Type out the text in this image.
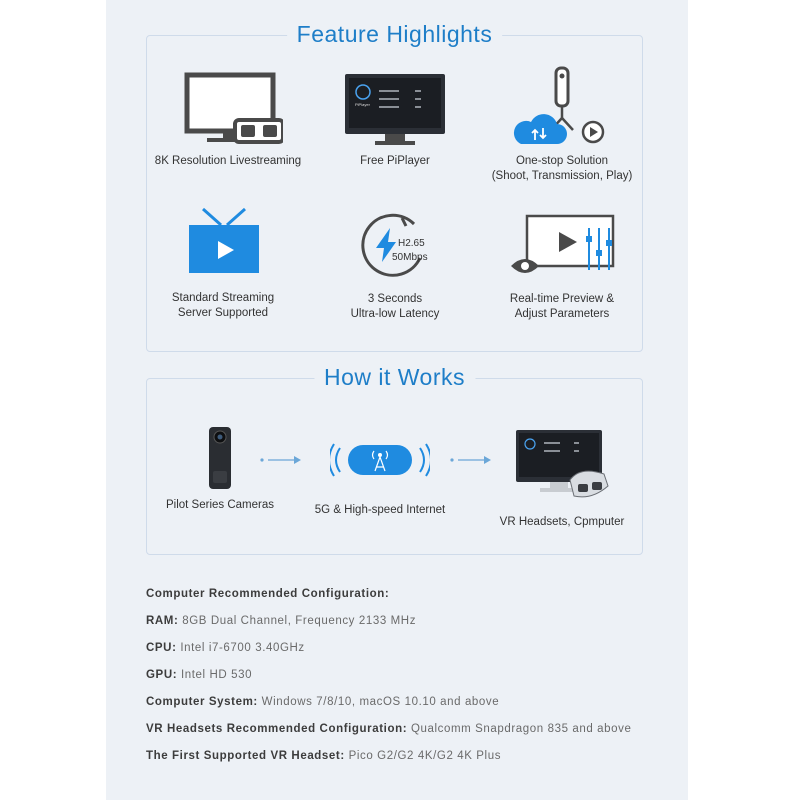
Feature Highlights
8K Resolution Livestreaming
PiPlayer
Free PiPlayer	One-stop Solution
(Shoot, Transmission, Play)
Standard Streaming
Server Supported
H2.65
50Mbps
3 Seconds
Ultra-low Latency
Real-time Preview &
Adjust Parameters
How it Works
Pilot Series Cameras	5G & High-speed Internet
VR Headsets, Cpmputer
Computer Recommended Configuration:
RAM: 8GB Dual Channel, Frequency 2133 MHz
CPU: Intel i7-6700 3.40GHz
GPU: Intel HD 530
Computer System: Windows 7/8/10, macOS 10.10 and above
VR Headsets Recommended Configuration: Qualcomm Snapdragon 835 and above
The First Supported VR Headset: Pico G2/G2 4K/G2 4K Plus
